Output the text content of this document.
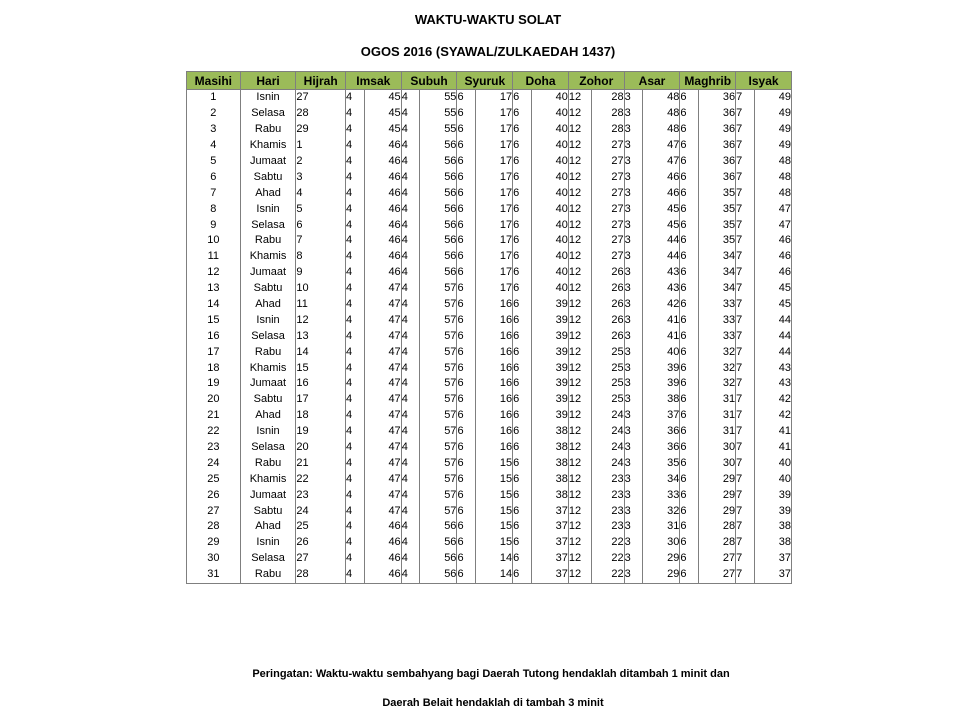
WAKTU-WAKTU SOLAT
OGOS 2016 (SYAWAL/ZULKAEDAH 1437)
Masihi	Hari	Hijrah	Imsak		Subuh		Syuruk		Doha		Zohor		Asar		Maghrib		Isyak	
1	Isnin	27	4	45	4	55	6	17	6	40	12	28	3	48	6	36	7	49
2	Selasa	28	4	45	4	55	6	17	6	40	12	28	3	48	6	36	7	49
3	Rabu	29	4	45	4	55	6	17	6	40	12	28	3	48	6	36	7	49
4	Khamis	1	4	46	4	56	6	17	6	40	12	27	3	47	6	36	7	49
5	Jumaat	2	4	46	4	56	6	17	6	40	12	27	3	47	6	36	7	48
6	Sabtu	3	4	46	4	56	6	17	6	40	12	27	3	46	6	36	7	48
7	Ahad	4	4	46	4	56	6	17	6	40	12	27	3	46	6	35	7	48
8	Isnin	5	4	46	4	56	6	17	6	40	12	27	3	45	6	35	7	47
9	Selasa	6	4	46	4	56	6	17	6	40	12	27	3	45	6	35	7	47
10	Rabu	7	4	46	4	56	6	17	6	40	12	27	3	44	6	35	7	46
11	Khamis	8	4	46	4	56	6	17	6	40	12	27	3	44	6	34	7	46
12	Jumaat	9	4	46	4	56	6	17	6	40	12	26	3	43	6	34	7	46
13	Sabtu	10	4	47	4	57	6	17	6	40	12	26	3	43	6	34	7	45
14	Ahad	11	4	47	4	57	6	16	6	39	12	26	3	42	6	33	7	45
15	Isnin	12	4	47	4	57	6	16	6	39	12	26	3	41	6	33	7	44
16	Selasa	13	4	47	4	57	6	16	6	39	12	26	3	41	6	33	7	44
17	Rabu	14	4	47	4	57	6	16	6	39	12	25	3	40	6	32	7	44
18	Khamis	15	4	47	4	57	6	16	6	39	12	25	3	39	6	32	7	43
19	Jumaat	16	4	47	4	57	6	16	6	39	12	25	3	39	6	32	7	43
20	Sabtu	17	4	47	4	57	6	16	6	39	12	25	3	38	6	31	7	42
21	Ahad	18	4	47	4	57	6	16	6	39	12	24	3	37	6	31	7	42
22	Isnin	19	4	47	4	57	6	16	6	38	12	24	3	36	6	31	7	41
23	Selasa	20	4	47	4	57	6	16	6	38	12	24	3	36	6	30	7	41
24	Rabu	21	4	47	4	57	6	15	6	38	12	24	3	35	6	30	7	40
25	Khamis	22	4	47	4	57	6	15	6	38	12	23	3	34	6	29	7	40
26	Jumaat	23	4	47	4	57	6	15	6	38	12	23	3	33	6	29	7	39
27	Sabtu	24	4	47	4	57	6	15	6	37	12	23	3	32	6	29	7	39
28	Ahad	25	4	46	4	56	6	15	6	37	12	23	3	31	6	28	7	38
29	Isnin	26	4	46	4	56	6	15	6	37	12	22	3	30	6	28	7	38
30	Selasa	27	4	46	4	56	6	14	6	37	12	22	3	29	6	27	7	37
31	Rabu	28	4	46	4	56	6	14	6	37	12	22	3	29	6	27	7	37
Peringatan: Waktu-waktu sembahyang bagi Daerah Tutong hendaklah ditambah 1 minit dan
Daerah Belait hendaklah di tambah 3 minit
